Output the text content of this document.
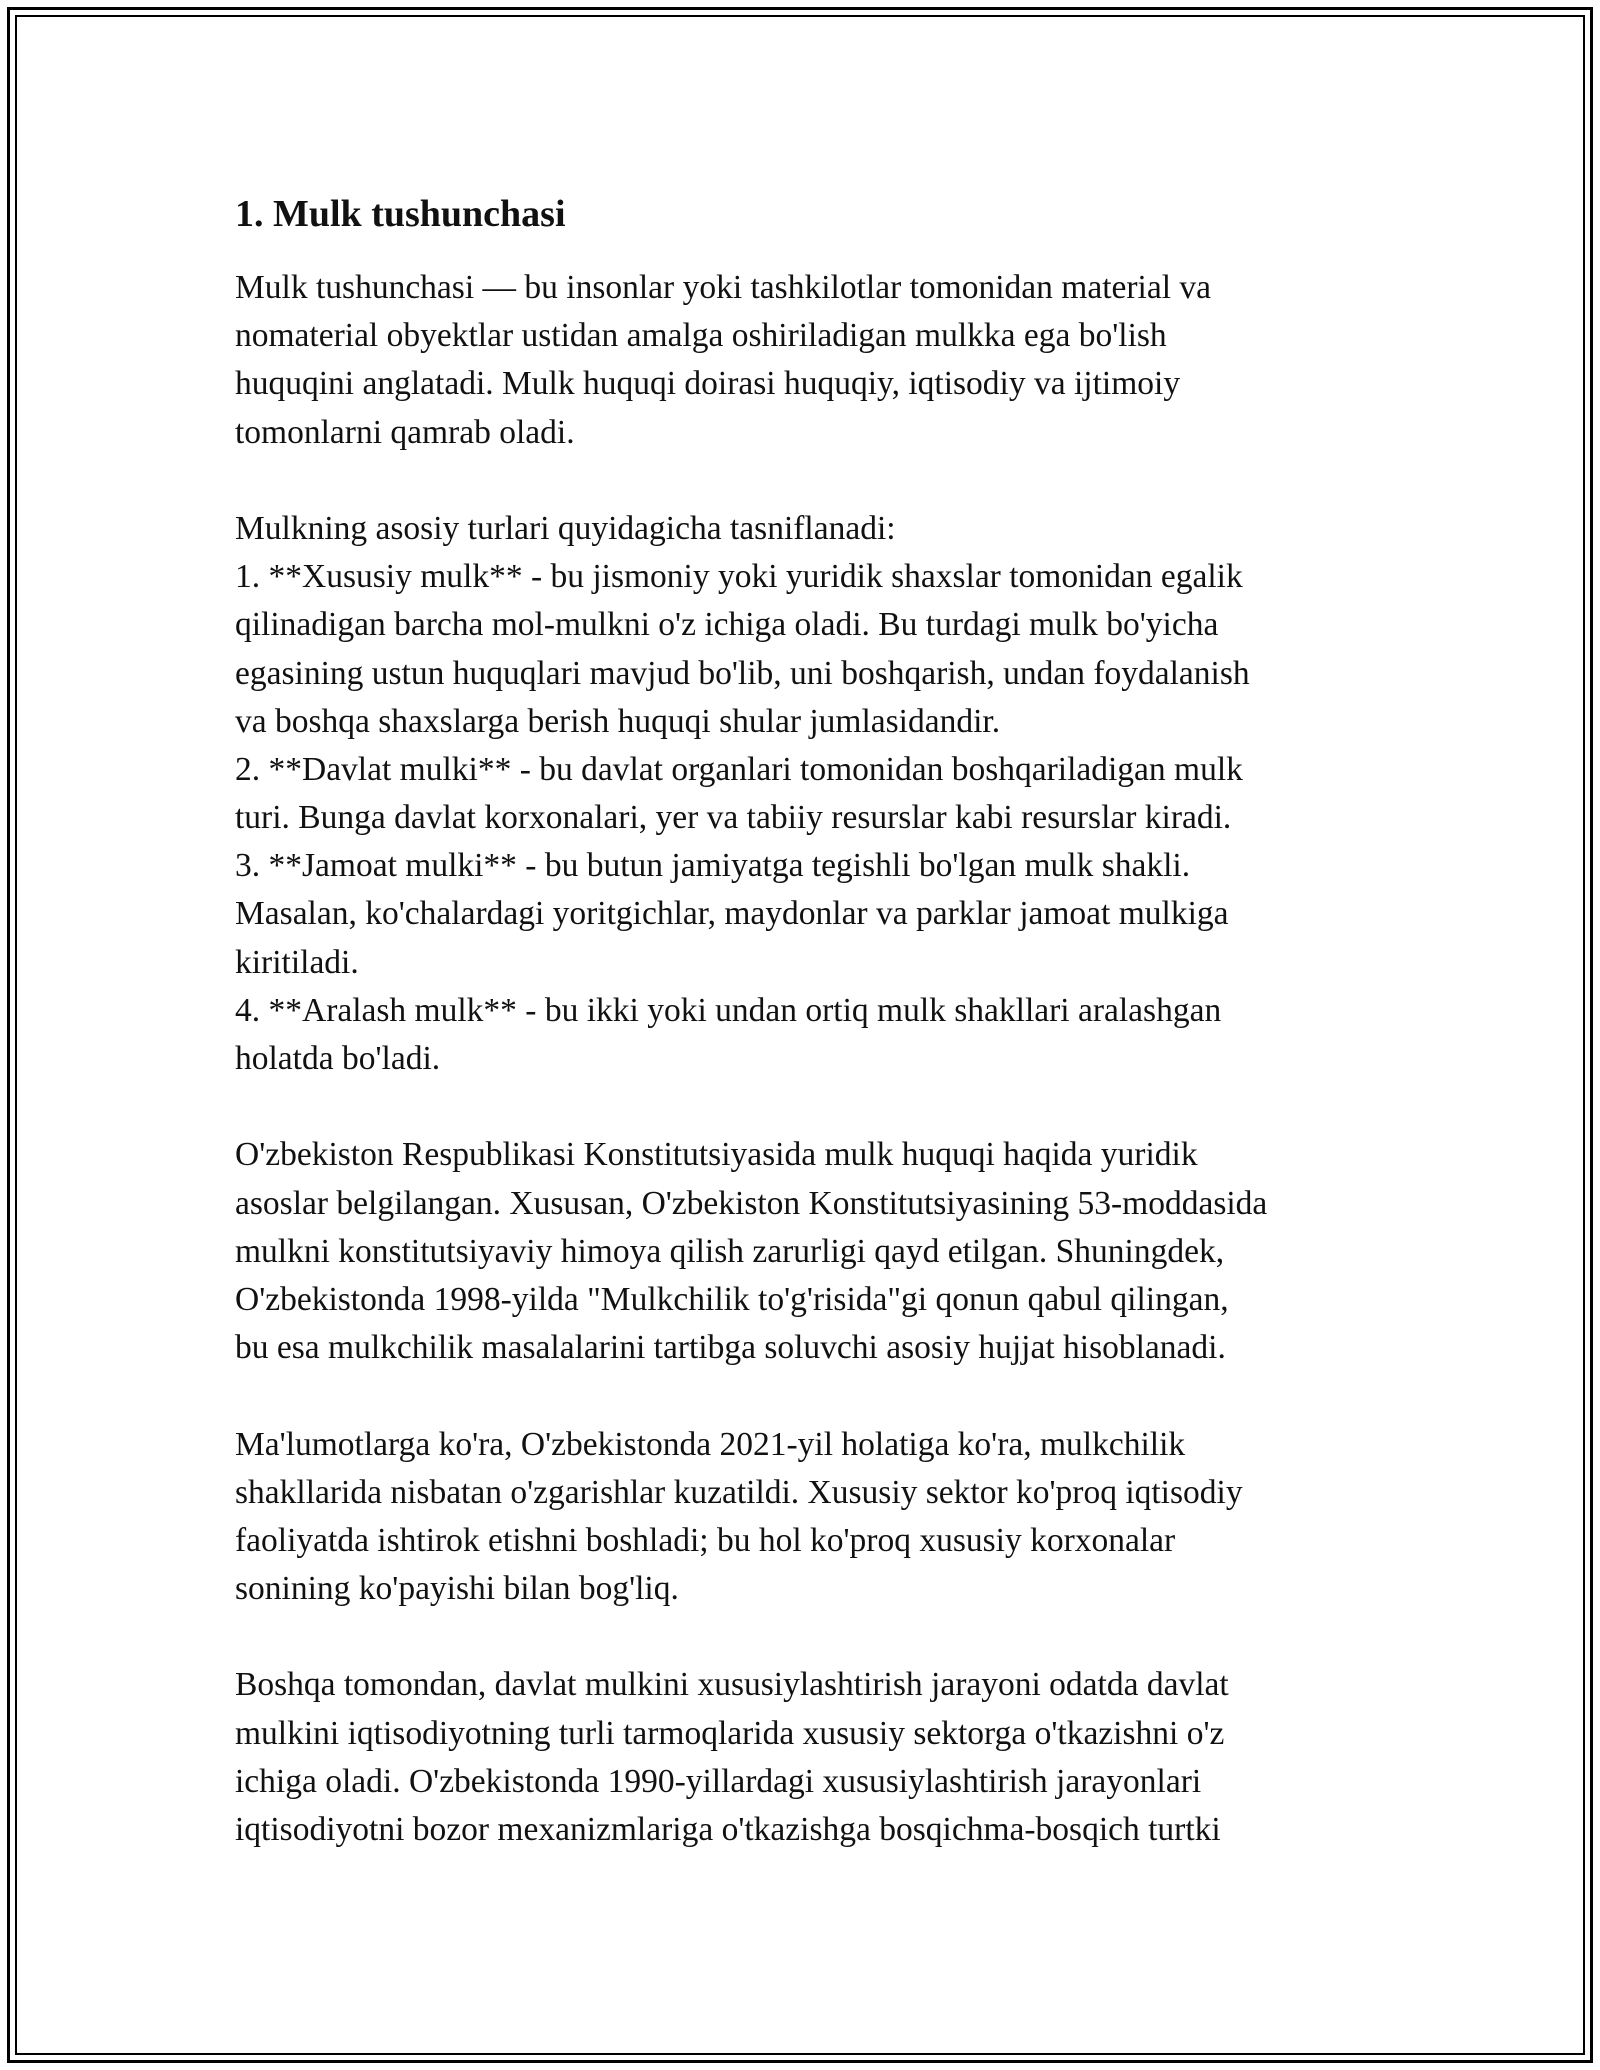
1. Mulk tushunchasi
Mulk tushunchasi — bu insonlar yoki tashkilotlar tomonidan material va
nomaterial obyektlar ustidan amalga oshiriladigan mulkka ega bo'lish
huquqini anglatadi. Mulk huquqi doirasi huquqiy, iqtisodiy va ijtimoiy
tomonlarni qamrab oladi.
Mulkning asosiy turlari quyidagicha tasniflanadi:
1. **Xususiy mulk** - bu jismoniy yoki yuridik shaxslar tomonidan egalik
qilinadigan barcha mol-mulkni o'z ichiga oladi. Bu turdagi mulk bo'yicha
egasining ustun huquqlari mavjud bo'lib, uni boshqarish, undan foydalanish
va boshqa shaxslarga berish huquqi shular jumlasidandir.
2. **Davlat mulki** - bu davlat organlari tomonidan boshqariladigan mulk
turi. Bunga davlat korxonalari, yer va tabiiy resurslar kabi resurslar kiradi.
3. **Jamoat mulki** - bu butun jamiyatga tegishli bo'lgan mulk shakli.
Masalan, ko'chalardagi yoritgichlar, maydonlar va parklar jamoat mulkiga
kiritiladi.
4. **Aralash mulk** - bu ikki yoki undan ortiq mulk shakllari aralashgan
holatda bo'ladi.
O'zbekiston Respublikasi Konstitutsiyasida mulk huquqi haqida yuridik
asoslar belgilangan. Xususan, O'zbekiston Konstitutsiyasining 53-moddasida
mulkni konstitutsiyaviy himoya qilish zarurligi qayd etilgan. Shuningdek,
O'zbekistonda 1998-yilda "Mulkchilik to'g'risida"gi qonun qabul qilingan,
bu esa mulkchilik masalalarini tartibga soluvchi asosiy hujjat hisoblanadi.
Ma'lumotlarga ko'ra, O'zbekistonda 2021-yil holatiga ko'ra, mulkchilik
shakllarida nisbatan o'zgarishlar kuzatildi. Xususiy sektor ko'proq iqtisodiy
faoliyatda ishtirok etishni boshladi; bu hol ko'proq xususiy korxonalar
sonining ko'payishi bilan bog'liq.
Boshqa tomondan, davlat mulkini xususiylashtirish jarayoni odatda davlat
mulkini iqtisodiyotning turli tarmoqlarida xususiy sektorga o'tkazishni o'z
ichiga oladi. O'zbekistonda 1990-yillardagi xususiylashtirish jarayonlari
iqtisodiyotni bozor mexanizmlariga o'tkazishga bosqichma-bosqich turtki
